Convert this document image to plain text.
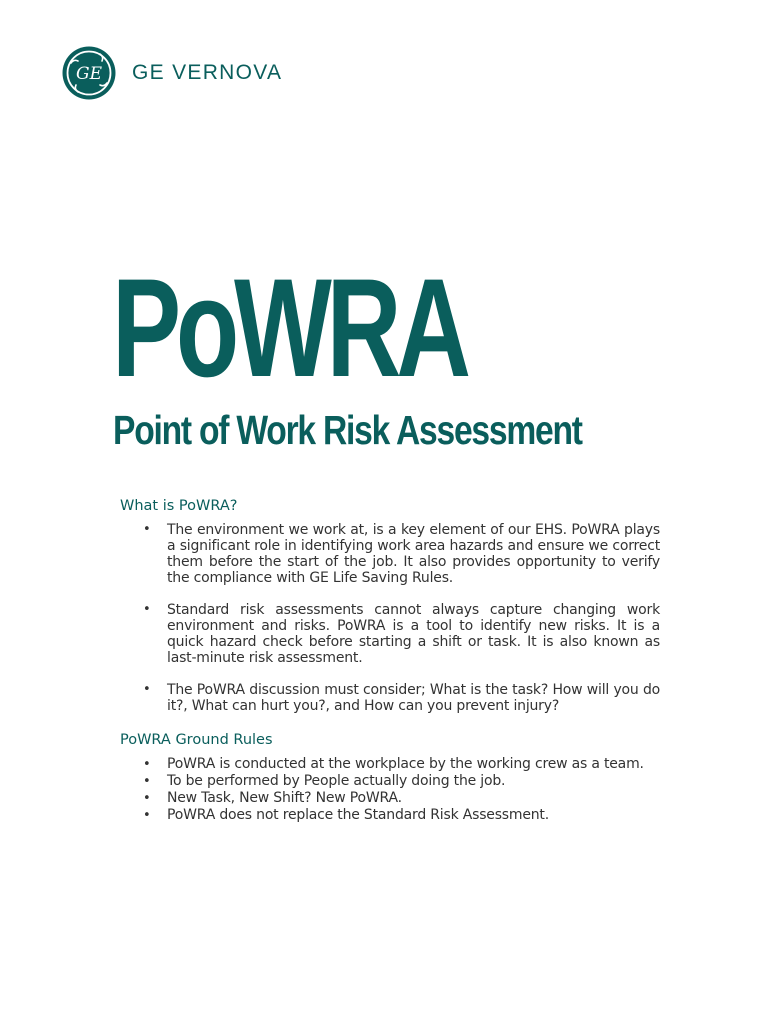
GE GE VERNOVA
PoWRA
Point of Work Risk Assessment
What is PoWRA?
• The environment we work at, is a key element of our EHS. PoWRA plays a significant role in identifying work area hazards and ensure we correct them before the start of the job. It also provides opportunity to verify the compliance with GE Life Saving Rules.
• Standard risk assessments cannot always capture changing work environment and risks. PoWRA is a tool to identify new risks. It is a quick hazard check before starting a shift or task. It is also known as last-minute risk assessment.
• The PoWRA discussion must consider; What is the task? How will you do it?, What can hurt you?, and How can you prevent injury?
PoWRA Ground Rules
• PoWRA is conducted at the workplace by the working crew as a team.
• To be performed by People actually doing the job.
• New Task, New Shift? New PoWRA.
• PoWRA does not replace the Standard Risk Assessment.
